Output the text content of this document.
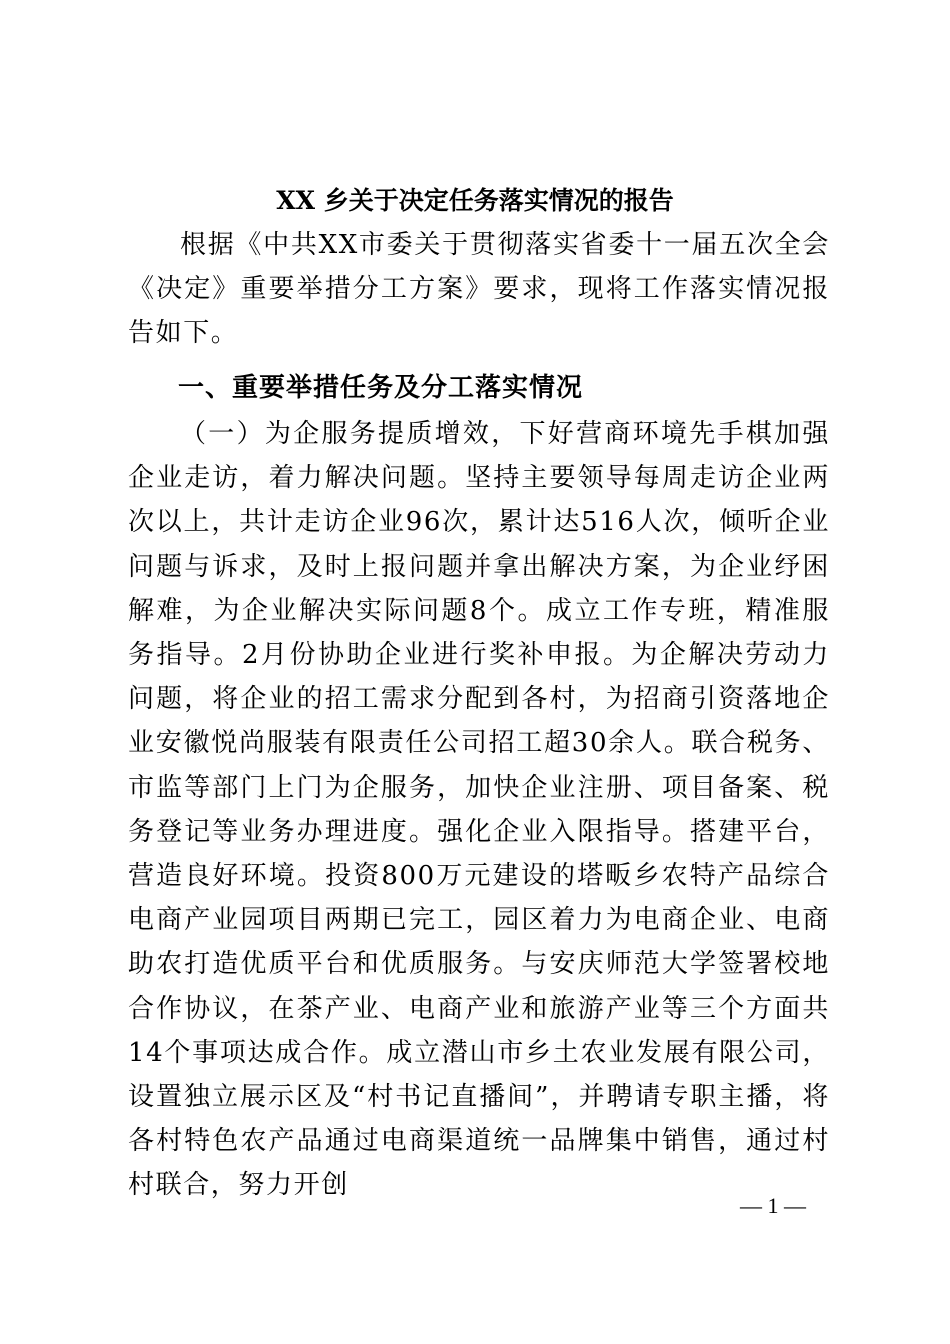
XX 乡关于决定任务落实情况的报告
根据《中共XX市委关于贯彻落实省委十一届五次全会《决定》重要举措分工方案》要求，现将工作落实情况报告如下。
一、重要举措任务及分工落实情况
（一）为企服务提质增效，下好营商环境先手棋加强企业走访，着力解决问题。坚持主要领导每周走访企业两次以上，共计走访企业96次，累计达516人次，倾听企业问题与诉求，及时上报问题并拿出解决方案，为企业纾困解难，为企业解决实际问题8个。成立工作专班，精准服务指导。2月份协助企业进行奖补申报。为企解决劳动力问题，将企业的招工需求分配到各村，为招商引资落地企业安徽悦尚服装有限责任公司招工超30余人。联合税务、市监等部门上门为企服务，加快企业注册、项目备案、税务登记等业务办理进度。强化企业入限指导。搭建平台，营造良好环境。投资800万元建设的塔畈乡农特产品综合电商产业园项目两期已完工，园区着力为电商企业、电商助农打造优质平台和优质服务。与安庆师范大学签署校地合作协议，在茶产业、电商产业和旅游产业等三个方面共14个事项达成合作。成立潜山市乡土农业发展有限公司，设置独立展示区及“村书记直播间”，并聘请专职主播，将各村特色农产品通过电商渠道统一品牌集中销售，通过村村联合，努力开创
— 1 —
